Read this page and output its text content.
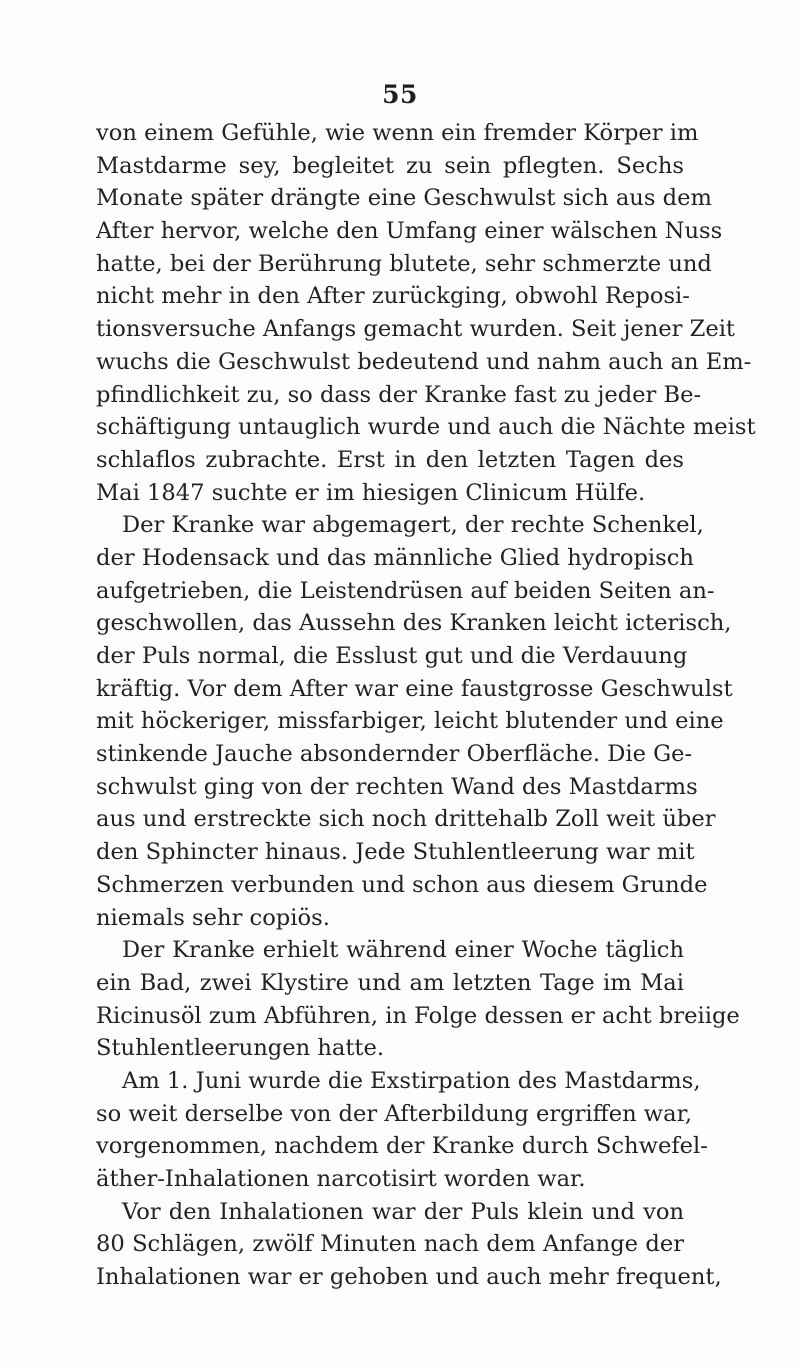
55
von einem Gefühle, wie wenn ein fremder Körper im
Mastdarme sey, begleitet zu sein pflegten. Sechs
Monate später drängte eine Geschwulst sich aus dem
After hervor, welche den Umfang einer wälschen Nuss
hatte, bei der Berührung blutete, sehr schmerzte und
nicht mehr in den After zurückging, obwohl Reposi-
tionsversuche Anfangs gemacht wurden. Seit jener Zeit
wuchs die Geschwulst bedeutend und nahm auch an Em-
pfindlichkeit zu, so dass der Kranke fast zu jeder Be-
schäftigung untauglich wurde und auch die Nächte meist
schlaflos zubrachte. Erst in den letzten Tagen des
Mai 1847 suchte er im hiesigen Clinicum Hülfe.
Der Kranke war abgemagert, der rechte Schenkel,
der Hodensack und das männliche Glied hydropisch
aufgetrieben, die Leistendrüsen auf beiden Seiten an-
geschwollen, das Aussehn des Kranken leicht icterisch,
der Puls normal, die Esslust gut und die Verdauung
kräftig. Vor dem After war eine faustgrosse Geschwulst
mit höckeriger, missfarbiger, leicht blutender und eine
stinkende Jauche absondernder Oberfläche. Die Ge-
schwulst ging von der rechten Wand des Mastdarms
aus und erstreckte sich noch drittehalb Zoll weit über
den Sphincter hinaus. Jede Stuhlentleerung war mit
Schmerzen verbunden und schon aus diesem Grunde
niemals sehr copiös.
Der Kranke erhielt während einer Woche täglich
ein Bad, zwei Klystire und am letzten Tage im Mai
Ricinusöl zum Abführen, in Folge dessen er acht breiige
Stuhlentleerungen hatte.
Am 1. Juni wurde die Exstirpation des Mastdarms,
so weit derselbe von der Afterbildung ergriffen war,
vorgenommen, nachdem der Kranke durch Schwefel-
äther-Inhalationen narcotisirt worden war.
Vor den Inhalationen war der Puls klein und von
80 Schlägen, zwölf Minuten nach dem Anfange der
Inhalationen war er gehoben und auch mehr frequent,
